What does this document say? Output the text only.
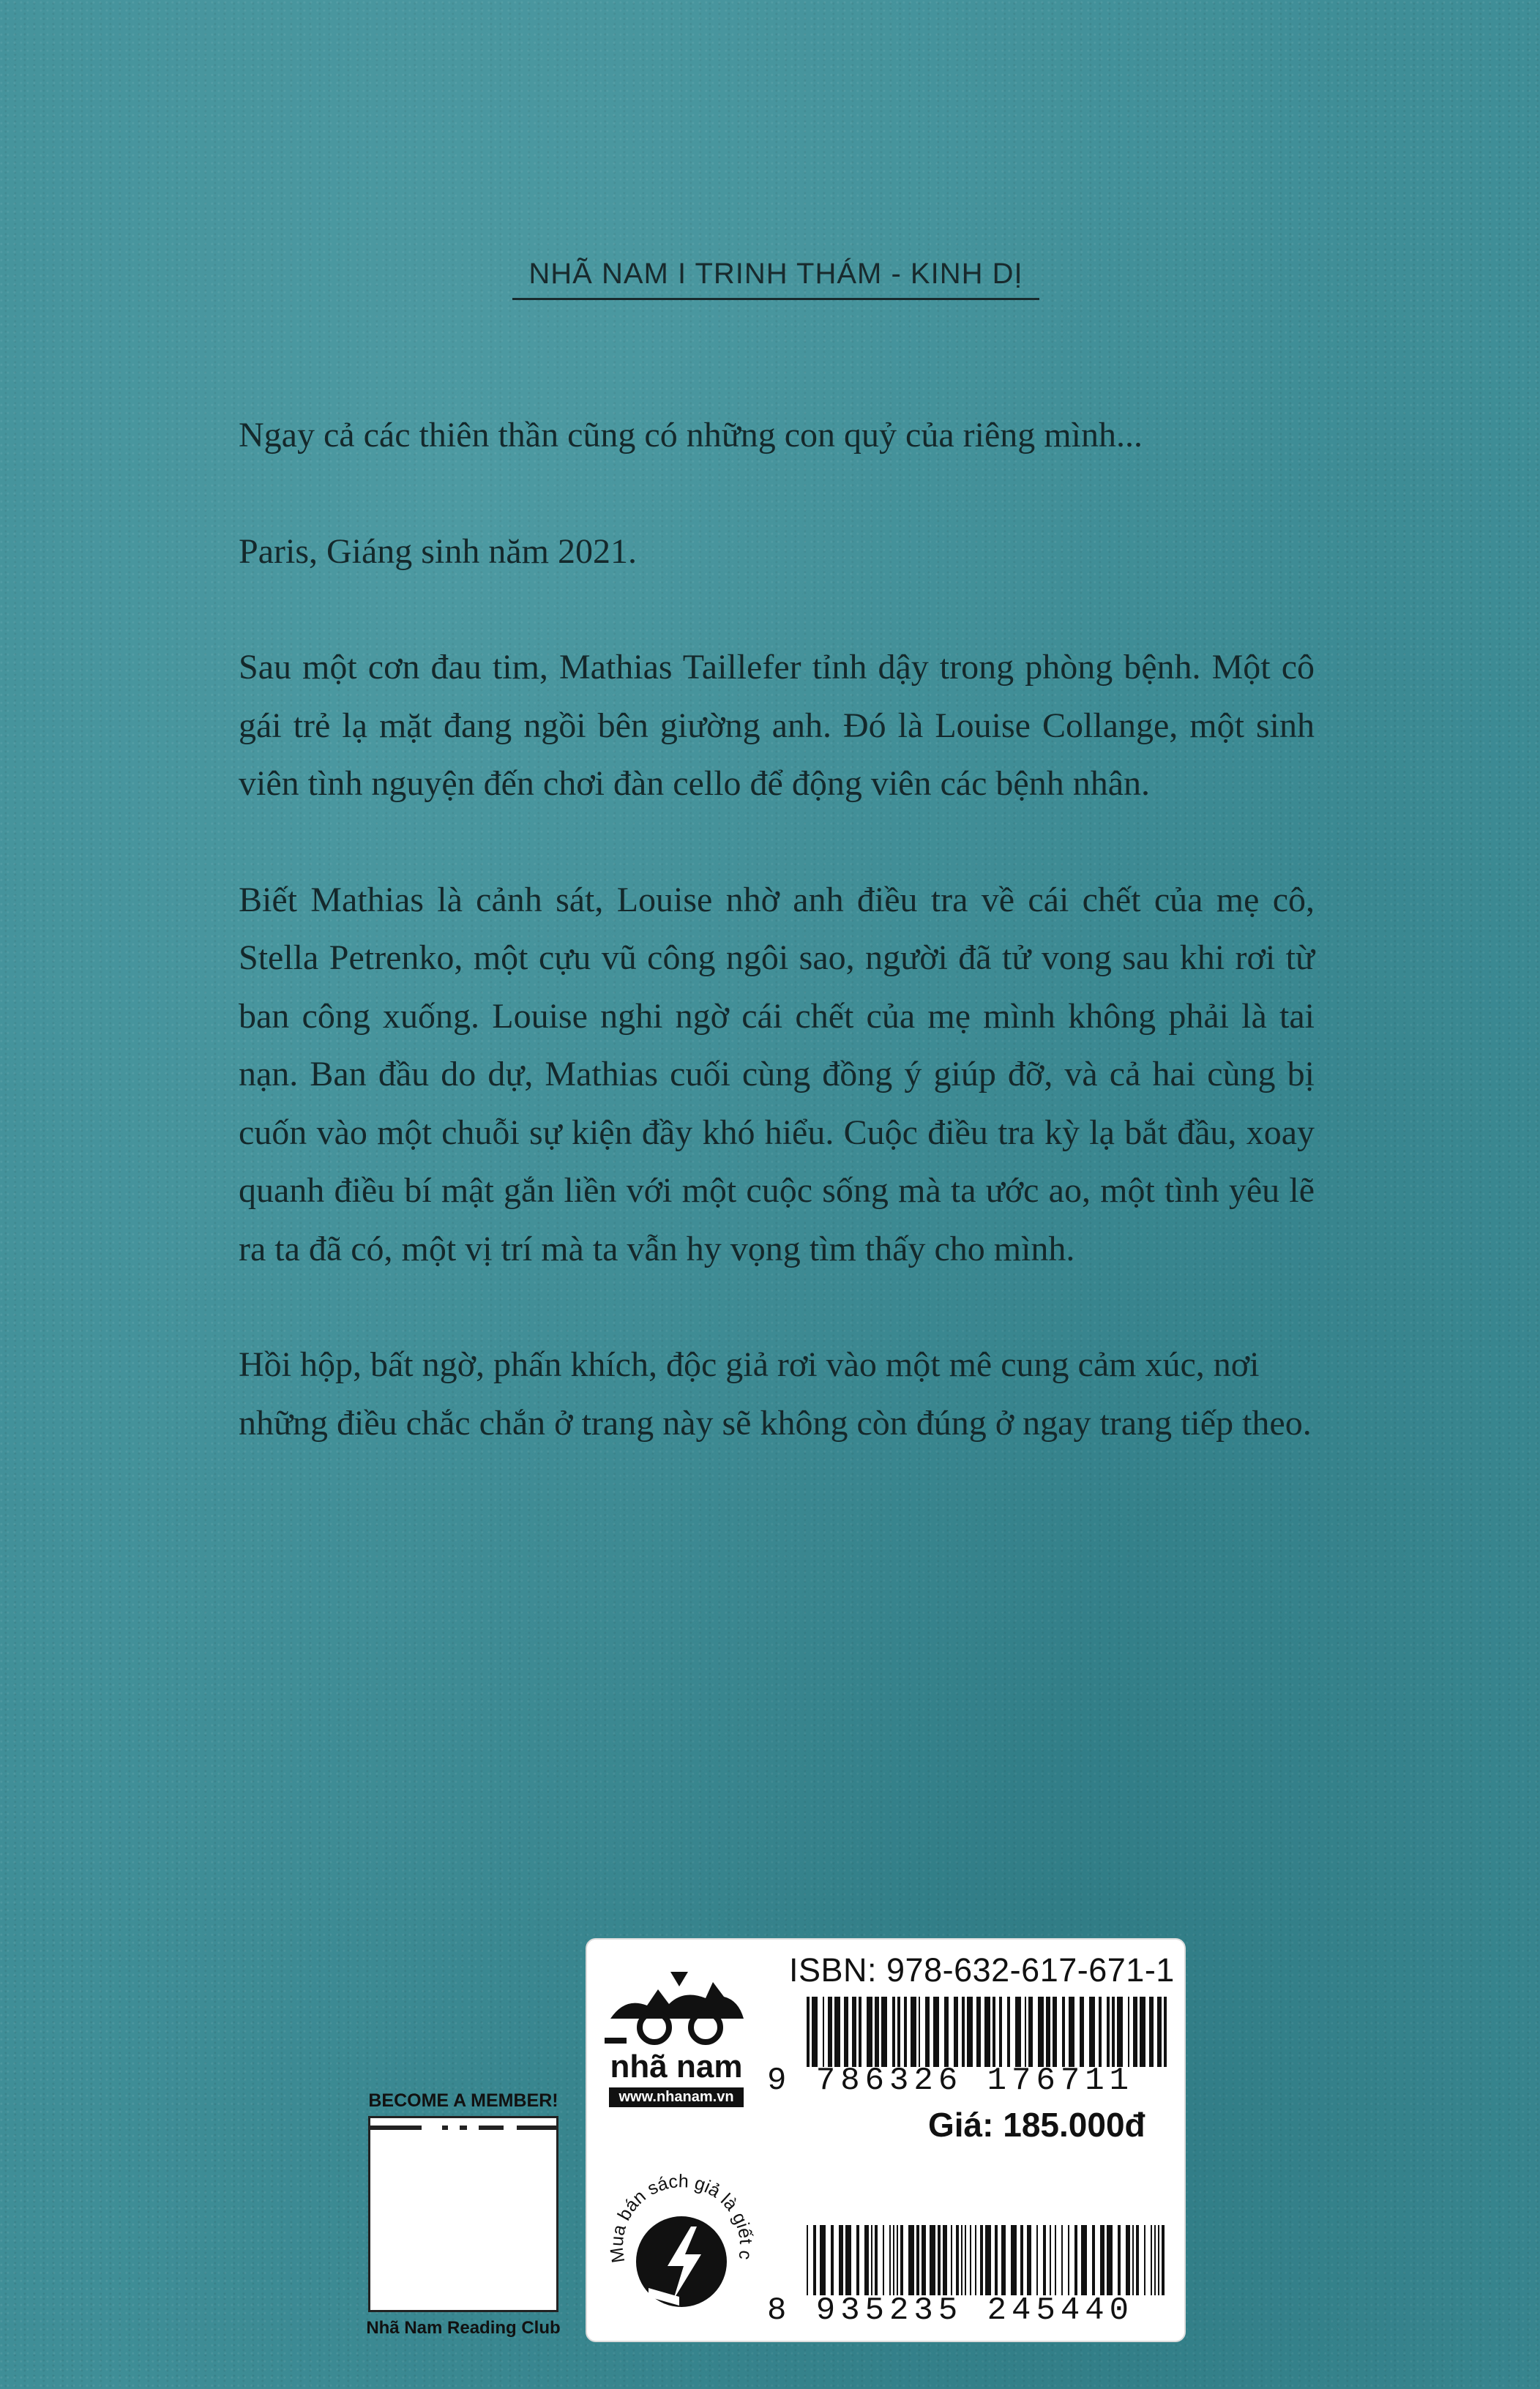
NHÃ NAM I TRINH THÁM - KINH DỊ

Ngay cả các thiên thần cũng có những con quỷ của riêng mình...

Paris, Giáng sinh năm 2021.

Sau một cơn đau tim, Mathias Taillefer tỉnh dậy trong phòng bệnh. Một cô gái trẻ lạ mặt đang ngồi bên giường anh. Đó là Louise Collange, một sinh viên tình nguyện đến chơi đàn cello để động viên các bệnh nhân.

Biết Mathias là cảnh sát, Louise nhờ anh điều tra về cái chết của mẹ cô, Stella Petrenko, một cựu vũ công ngôi sao, người đã tử vong sau khi rơi từ ban công xuống. Louise nghi ngờ cái chết của mẹ mình không phải là tai nạn. Ban đầu do dự, Mathias cuối cùng đồng ý giúp đỡ, và cả hai cùng bị cuốn vào một chuỗi sự kiện đầy khó hiểu. Cuộc điều tra kỳ lạ bắt đầu, xoay quanh điều bí mật gắn liền với một cuộc sống mà ta ước ao, một tình yêu lẽ ra ta đã có, một vị trí mà ta vẫn hy vọng tìm thấy cho mình.

Hồi hộp, bất ngờ, phấn khích, độc giả rơi vào một mê cung cảm xúc, nơi những điều chắc chắn ở trang này sẽ không còn đúng ở ngay trang tiếp theo.

BECOME A MEMBER!
Nhã Nam Reading Club
nhã nam
www.nhanam.vn
Mua bán sách giả là giết c
ISBN: 978-632-617-671-1
9 786326 176711
Giá: 185.000đ
8 935235 245440
